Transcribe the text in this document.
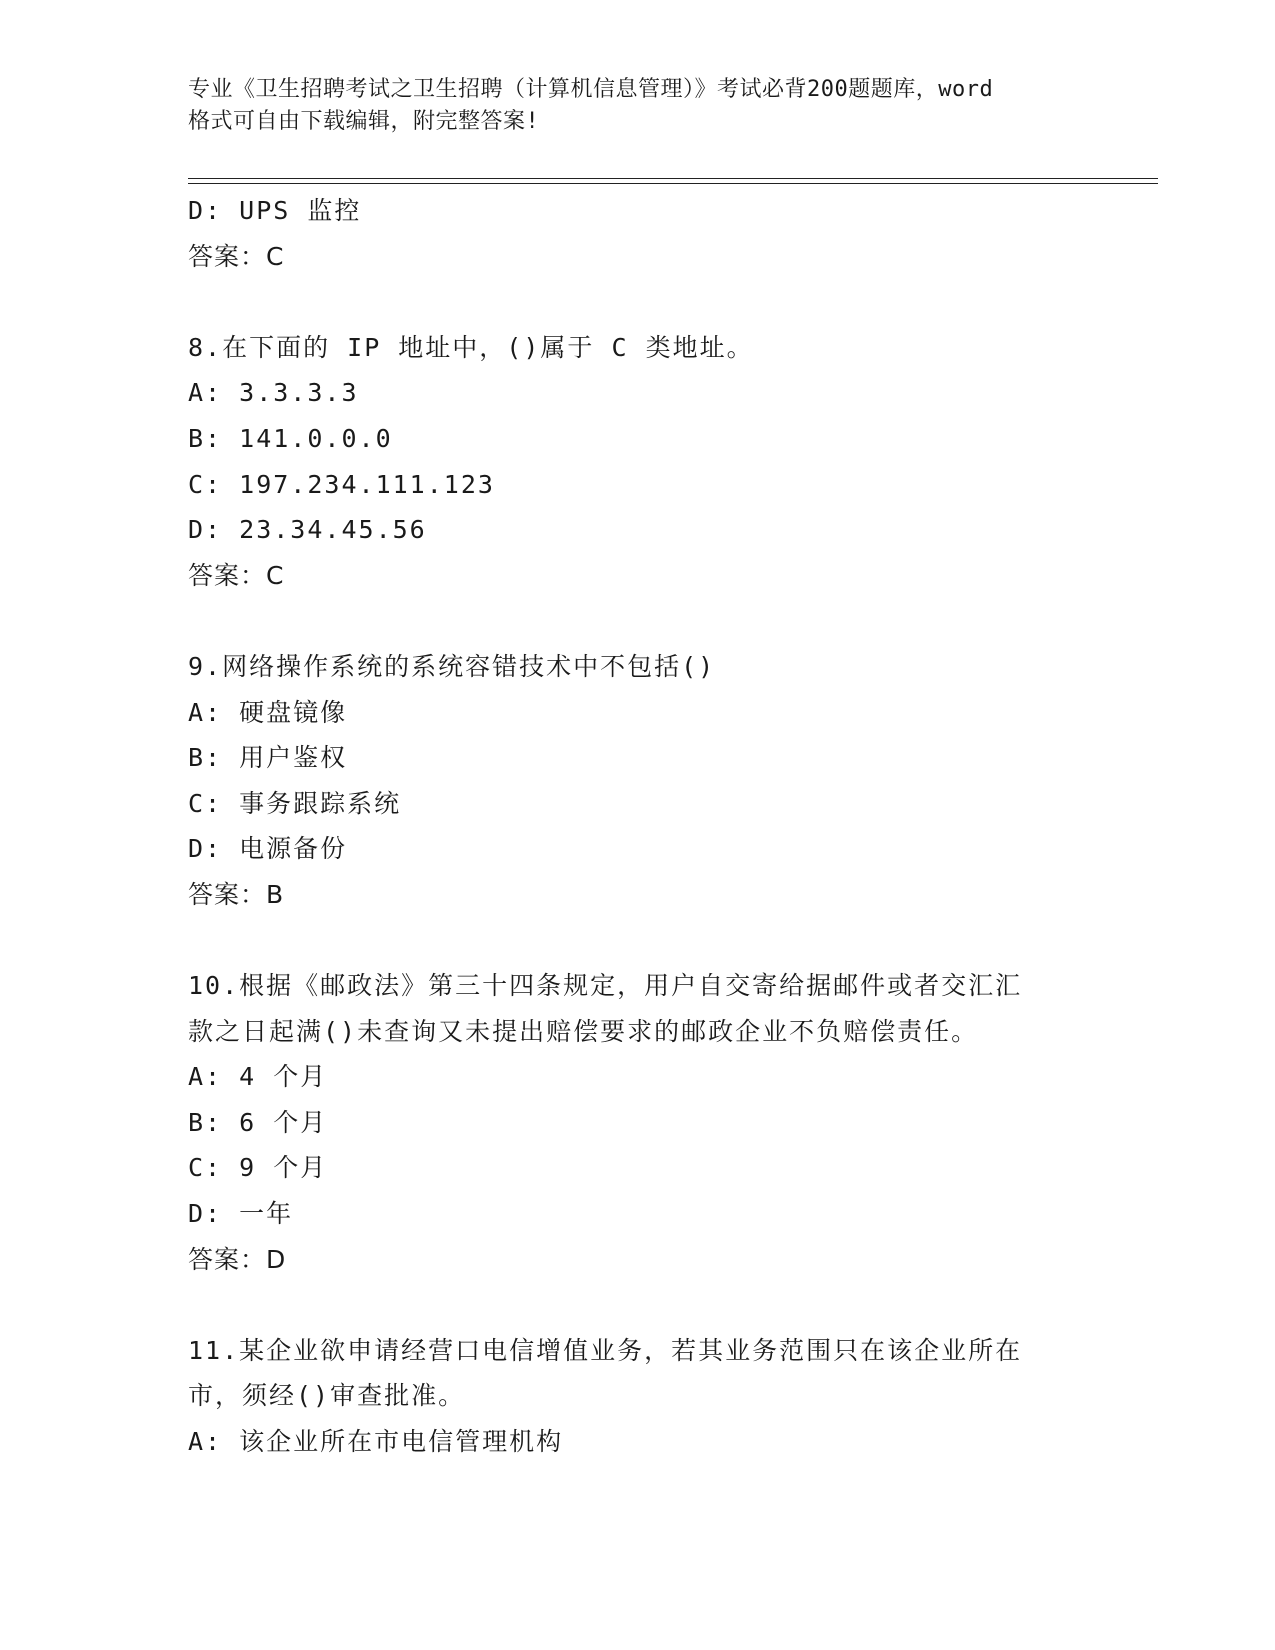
专业《卫生招聘考试之卫生招聘（计算机信息管理）》考试必背200题题库，word
格式可自由下载编辑，附完整答案!
D: UPS 监控
答案：C
8.在下面的 IP 地址中，()属于 C 类地址。
A: 3.3.3.3
B: 141.0.0.0
C: 197.234.111.123
D: 23.34.45.56
答案：C
9.网络操作系统的系统容错技术中不包括()
A: 硬盘镜像
B: 用户鉴权
C: 事务跟踪系统
D: 电源备份
答案：B
10.根据《邮政法》第三十四条规定，用户自交寄给据邮件或者交汇汇
款之日起满()未查询又未提出赔偿要求的邮政企业不负赔偿责任。
A: 4 个月
B: 6 个月
C: 9 个月
D: 一年
答案：D
11.某企业欲申请经营口电信增值业务，若其业务范围只在该企业所在
市，须经()审查批准。
A: 该企业所在市电信管理机构
